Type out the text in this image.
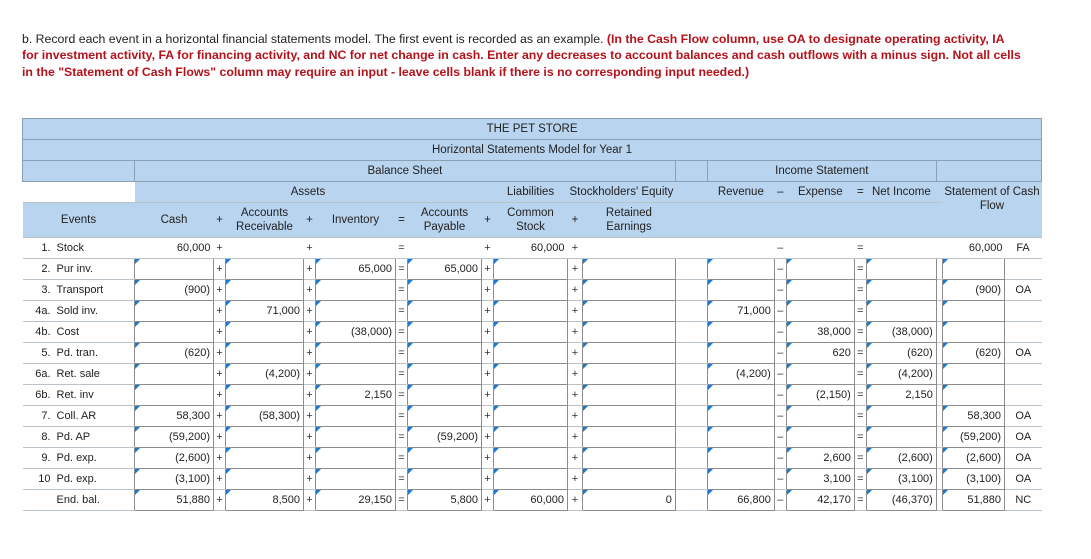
b. Record each event in a horizontal financial statements model. The first event is recorded as an example. (In the Cash Flow column, use OA to designate operating activity, IA for investment activity, FA for financing activity, and NC for net change in cash. Enter any decreases to account balances and cash outflows with a minus sign. Not all cells in the "Statement of Cash Flows" column may require an input - leave cells blank if there is no corresponding input needed.)
THE PET STORE																					
Horizontal Statements Model for Year 1																					
		Balance Sheet												Income Statement							
		Assets								Liabilities	Stockholders' Equity			Revenue	–	Expense	=	Net Income		Statement of Cash
Flow	
Events		Cash	+	Accounts
Receivable	+	Inventory	=	Accounts
Payable	+	Common
Stock	+	Retained
Earnings									
1.	Stock	60,000	+		+		=		+	60,000	+				–		=			60,000	FA
2.	Pur inv.		+		+	65,000	=	65,000	+		+				–		=				
3.	Transport	(900)	+		+		=		+		+				–		=			(900)	OA
4a.	Sold inv.		+	71,000	+		=		+		+			71,000	–		=				
4b.	Cost		+		+	(38,000)	=		+		+				–	38,000	=	(38,000)			
5.	Pd. tran.	(620)	+		+		=		+		+				–	620	=	(620)		(620)	OA
6a.	Ret. sale		+	(4,200)	+		=		+		+			(4,200)	–		=	(4,200)			
6b.	Ret. inv		+		+	2,150	=		+		+				–	(2,150)	=	2,150			
7.	Coll. AR	58,300	+	(58,300)	+		=		+		+				–		=			58,300	OA
8.	Pd. AP	(59,200)	+		+		=	(59,200)	+		+				–		=			(59,200)	OA
9.	Pd. exp.	(2,600)	+		+		=		+		+				–	2,600	=	(2,600)		(2,600)	OA
10	Pd. exp.	(3,100)	+		+		=		+		+				–	3,100	=	(3,100)		(3,100)	OA
	End. bal.	51,880	+	8,500	+	29,150	=	5,800	+	60,000	+	0		66,800	–	42,170	=	(46,370)		51,880	NC
